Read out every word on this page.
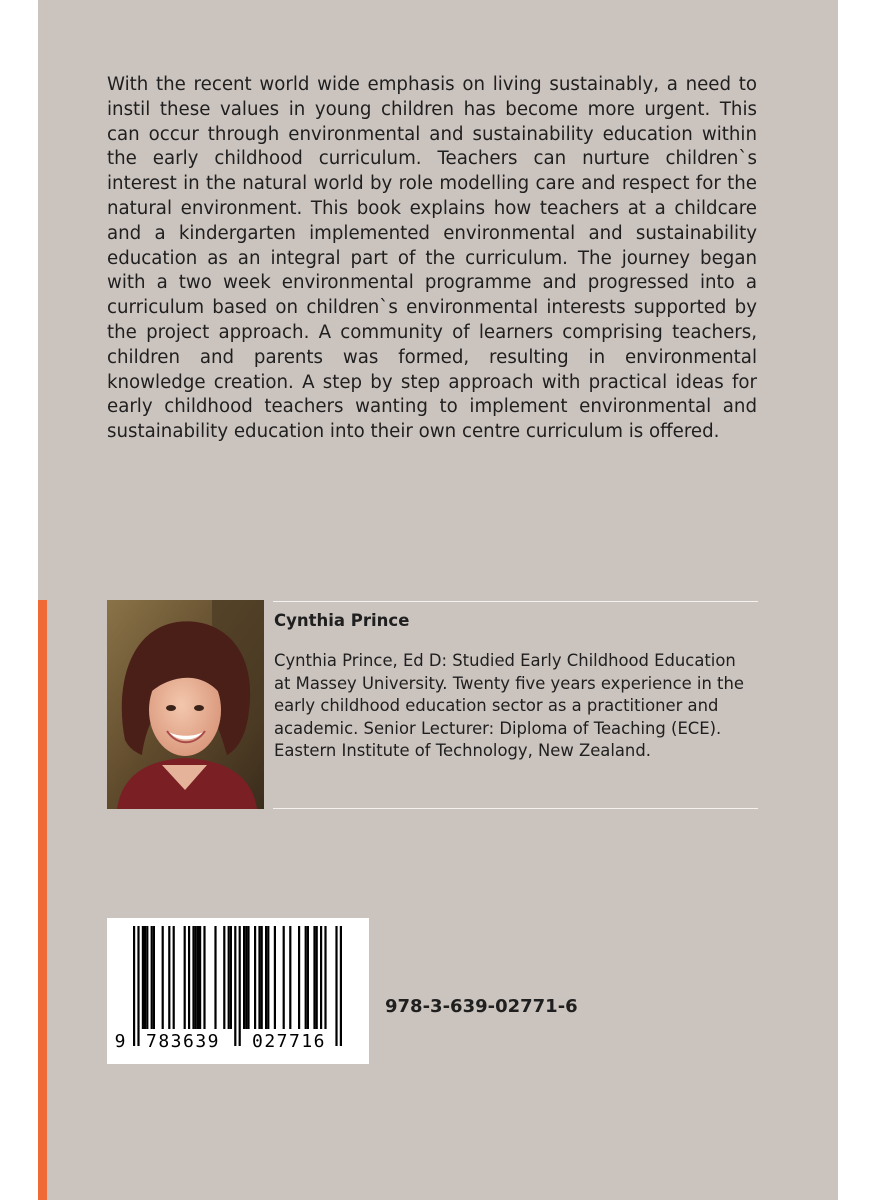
With the recent world wide emphasis on living sustainably, a need to instil these values in young children has become more urgent. This can occur through environmental and sustainability education within the early childhood curriculum. Teachers can nurture children`s interest in the natural world by role modelling care and respect for the natural environment. This book explains how teachers at a childcare and a kindergarten implemented environmental and sustainability education as an integral part of the curriculum. The journey began with a two week environmental programme and progressed into a curriculum based on children`s environmental interests supported by the project approach. A community of learners comprising teachers, children and parents was formed, resulting in environmental knowledge creation. A step by step approach with practical ideas for early childhood teachers wanting to implement environmental and sustainability education into their own centre curriculum is offered.

Cynthia Prince

Cynthia Prince, Ed D: Studied Early Childhood Education at Massey University. Twenty five years experience in the early childhood education sector as a practitioner and academic. Senior Lecturer: Diploma of Teaching (ECE). Eastern Institute of Technology, New Zealand.

9 783639 027716
978-3-639-02771-6
